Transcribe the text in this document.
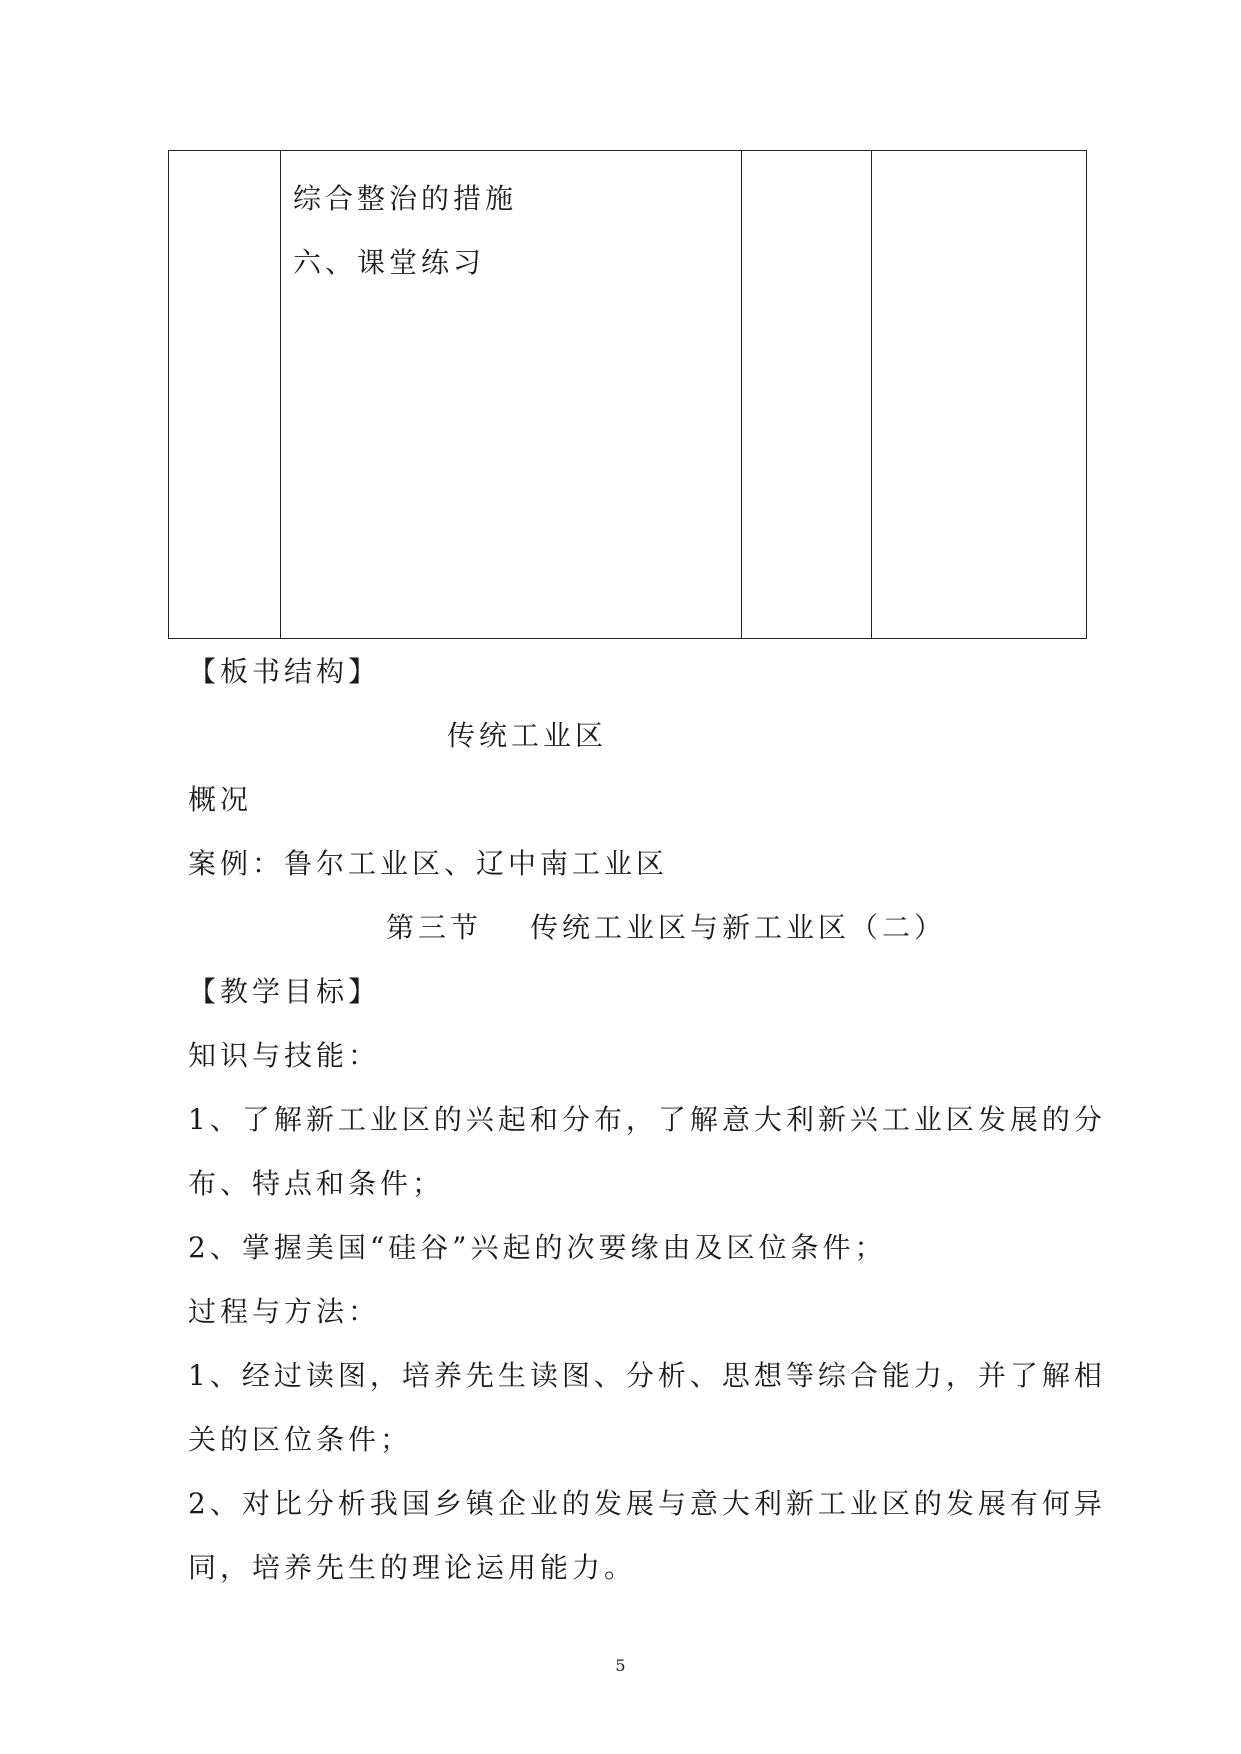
综合整治的措施
六、课堂练习

【板书结构】
传统工业区
概况
案例：鲁尔工业区、辽中南工业区
第三节 传统工业区与新工业区（二）
【教学目标】
知识与技能：
1、了解新工业区的兴起和分布，了解意大利新兴工业区发展的分
布、特点和条件；
2、掌握美国“硅谷”兴起的次要缘由及区位条件；
过程与方法：
1、经过读图，培养先生读图、分析、思想等综合能力，并了解相
关的区位条件；
2、对比分析我国乡镇企业的发展与意大利新工业区的发展有何异
同，培养先生的理论运用能力。
5
